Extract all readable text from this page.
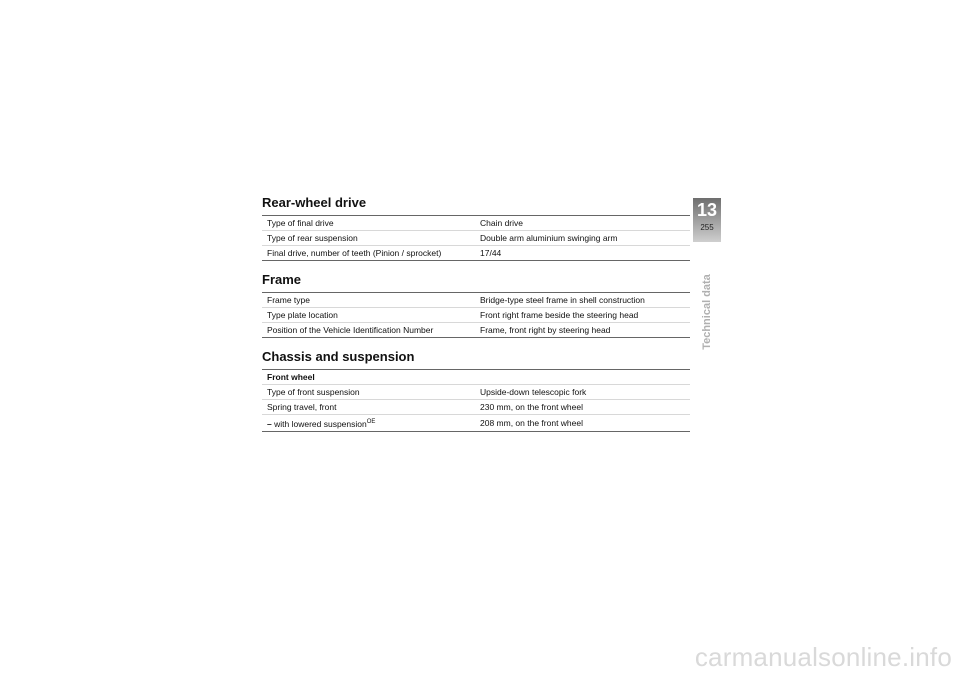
Rear-wheel drive
Type of final drive	Chain drive
Type of rear suspension	Double arm aluminium swinging arm
Final drive, number of teeth (Pinion / sprocket)	17/44
Frame
Frame type	Bridge-type steel frame in shell construction
Type plate location	Front right frame beside the steering head
Position of the Vehicle Identification Number	Frame, front right by steering head
Chassis and suspension
Front wheel	
Type of front suspension	Upside-down telescopic fork
Spring travel, front	230 mm, on the front wheel
– with lowered suspension$^{OE}$	208 mm, on the front wheel
13
255
Technical data
carmanualsonline.info
